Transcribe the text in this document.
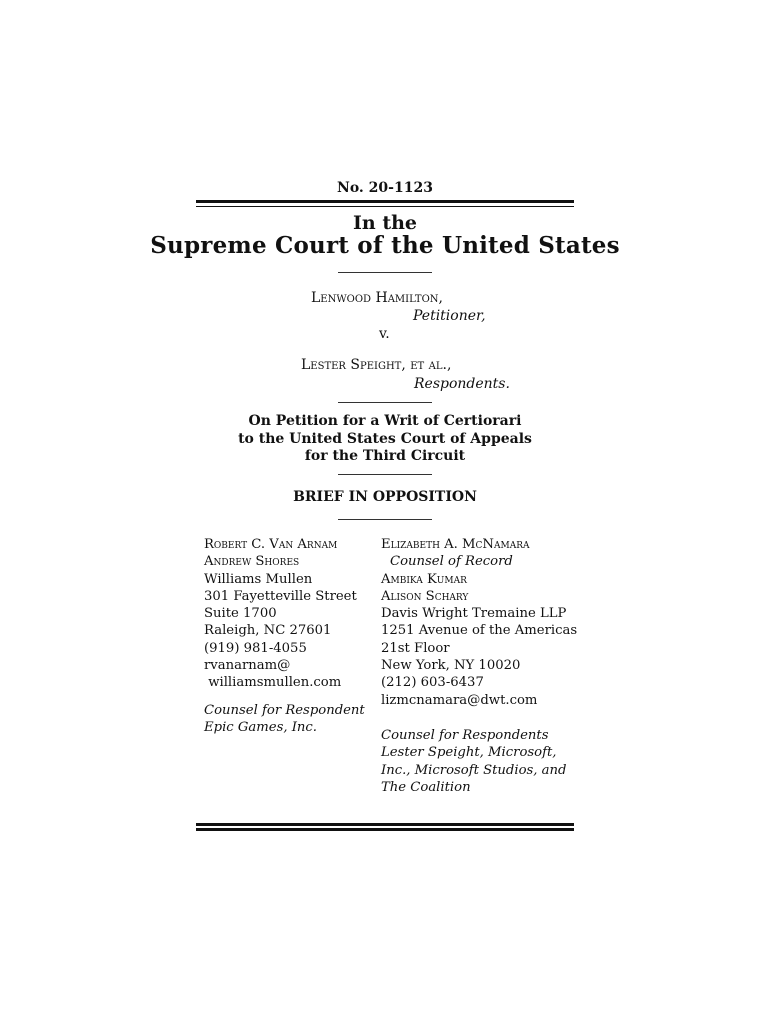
No. 20-1123
In the
Supreme Court of the United States
Lenwood Hamilton,
Petitioner,
v.
Lester Speight, et al.,
Respondents.
On Petition for a Writ of Certiorari
to the United States Court of Appeals
for the Third Circuit
BRIEF IN OPPOSITION
Robert C. Van Arnam
Andrew Shores
Williams Mullen
301 Fayetteville Street
Suite 1700
Raleigh, NC 27601
(919) 981-4055
rvanarnam@
williamsmullen.com
Counsel for Respondent
Epic Games, Inc.
Elizabeth A. McNamara
Counsel of Record
Ambika Kumar
Alison Schary
Davis Wright Tremaine LLP
1251 Avenue of the Americas
21st Floor
New York, NY 10020
(212) 603-6437
lizmcnamara@dwt.com
Counsel for Respondents
Lester Speight, Microsoft,
Inc., Microsoft Studios, and
The Coalition
